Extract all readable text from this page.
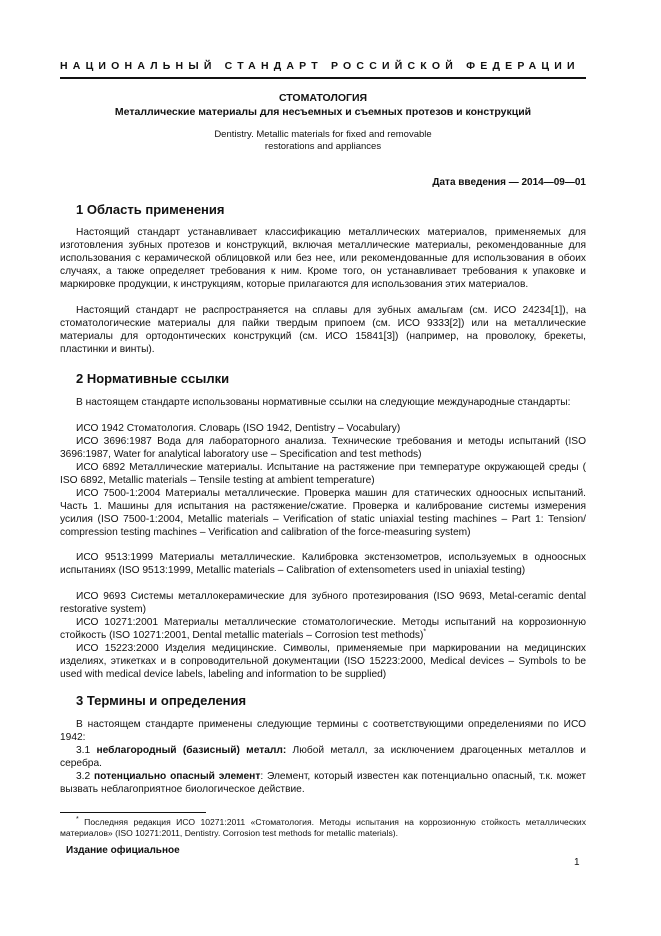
НАЦИОНАЛЬНЫЙ СТАНДАРТ РОССИЙСКОЙ ФЕДЕРАЦИИ
СТОМАТОЛОГИЯ
Металлические материалы для несъемных и съемных протезов и конструкций
Dentistry. Metallic materials for fixed and removable
restorations and appliances
Дата введения — 2014—09—01
1 Область применения
Настоящий стандарт устанавливает классификацию металлических материалов, применяемых для изготовления зубных протезов и конструкций, включая металлические материалы, рекомендованные для использования с керамической облицовкой или без нее, или рекомендованные для использования в обоих случаях, а также определяет требования к ним. Кроме того, он устанавливает требования к упаковке и маркировке продукции, к инструкциям, которые прилагаются для использования этих материалов.
Настоящий стандарт не распространяется на сплавы для зубных амальгам (см. ИСО 24234[1]), на стоматологические материалы для пайки твердым припоем (см. ИСО 9333[2]) или на металлические материалы для ортодонтических конструкций (см. ИСО 15841[3]) (например, на проволоку, брекеты, пластинки и винты).
2 Нормативные ссылки
В настоящем стандарте использованы нормативные ссылки на следующие международные стандарты:
ИСО 1942 Стоматология. Словарь (ISO 1942, Dentistry – Vocabulary)
ИСО 3696:1987 Вода для лабораторного анализа. Технические требования и методы испытаний (ISO 3696:1987, Water for analytical laboratory use – Specification and test methods)
ИСО 6892 Металлические материалы. Испытание на растяжение при температуре окружающей среды ( ISO 6892, Metallic materials – Tensile testing at ambient temperature)
ИСО 7500-1:2004 Материалы металлические. Проверка машин для статических одноосных испытаний. Часть 1. Машины для испытания на растяжение/сжатие. Проверка и калибрование системы измерения усилия (ISO 7500-1:2004, Metallic materials – Verification of static uniaxial testing machines – Part 1: Tension/ compression testing machines – Verification and calibration of the force-measuring system)
ИСО 9513:1999 Материалы металлические. Калибровка экстензометров, используемых в одноосных испытаниях (ISO 9513:1999, Metallic materials – Calibration of extensometers used in uniaxial testing)
ИСО 9693 Системы металлокерамические для зубного протезирования (ISO 9693, Metal-ceramic dental restorative system)
ИСО 10271:2001 Материалы металлические стоматологические. Методы испытаний на коррозионную стойкость (ISO 10271:2001, Dental metallic materials – Corrosion test methods)*
ИСО 15223:2000 Изделия медицинские. Символы, применяемые при маркировании на медицинских изделиях, этикетках и в сопроводительной документации (ISO 15223:2000, Medical devices – Symbols to be used with medical device labels, labeling and information to be supplied)
3 Термины и определения
В настоящем стандарте применены следующие термины с соответствующими определениями по ИСО 1942:
3.1 неблагородный (базисный) металл: Любой металл, за исключением драгоценных металлов и серебра.
3.2 потенциально опасный элемент: Элемент, который известен как потенциально опасный, т.к. может вызвать неблагоприятное биологическое действие.
* Последняя редакция ИСО 10271:2011 «Стоматология. Методы испытания на коррозионную стойкость металлических материалов» (ISO 10271:2011, Dentistry. Corrosion test methods for metallic materials).
Издание официальное
1
